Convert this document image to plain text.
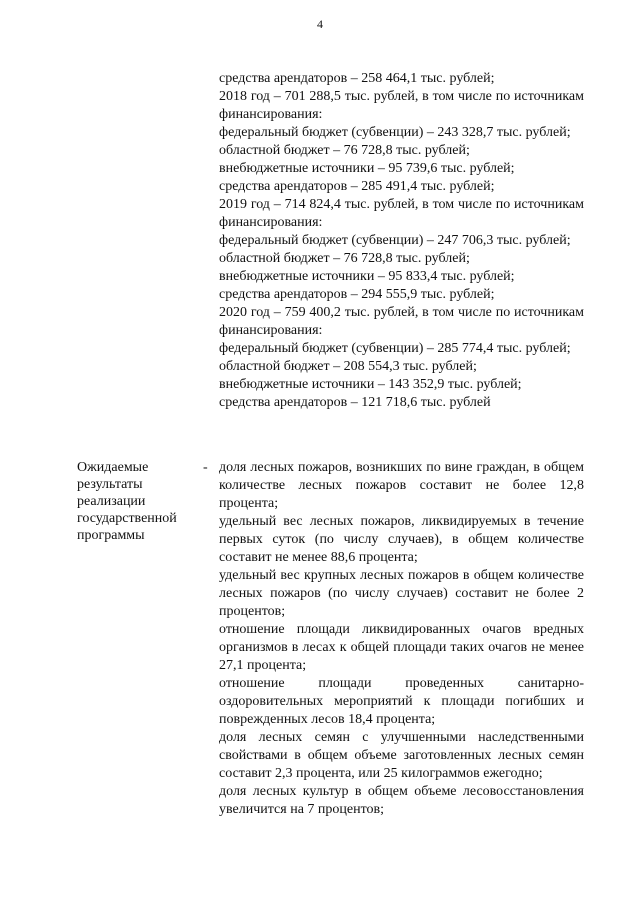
4
средства арендаторов – 258 464,1 тыс. рублей;
2018 год – 701 288,5 тыс. рублей, в том числе по источникам финансирования:
федеральный бюджет (субвенции) – 243 328,7 тыс. рублей;
областной бюджет – 76 728,8 тыс. рублей;
внебюджетные источники – 95 739,6 тыс. рублей;
средства арендаторов – 285 491,4 тыс. рублей;
2019 год – 714 824,4 тыс. рублей, в том числе по источникам финансирования:
федеральный бюджет (субвенции) – 247 706,3 тыс. рублей;
областной бюджет – 76 728,8 тыс. рублей;
внебюджетные источники – 95 833,4 тыс. рублей;
средства арендаторов – 294 555,9 тыс. рублей;
2020 год – 759 400,2 тыс. рублей, в том числе по источникам финансирования:
федеральный бюджет (субвенции) – 285 774,4 тыс. рублей;
областной бюджет – 208 554,3 тыс. рублей;
внебюджетные источники – 143 352,9 тыс. рублей;
средства арендаторов – 121 718,6 тыс. рублей
Ожидаемые результаты реализации государственной программы
- доля лесных пожаров, возникших по вине граждан, в общем количестве лесных пожаров составит не более 12,8 процента;
удельный вес лесных пожаров, ликвидируемых в течение первых суток (по числу случаев), в общем количестве составит не менее 88,6 процента;
удельный вес крупных лесных пожаров в общем количестве лесных пожаров (по числу случаев) составит не более 2 процентов;
отношение площади ликвидированных очагов вредных организмов в лесах к общей площади таких очагов не менее 27,1 процента;
отношение площади проведенных санитарно-оздоровительных мероприятий к площади погибших и поврежденных лесов 18,4 процента;
доля лесных семян с улучшенными наследственными свойствами в общем объеме заготовленных лесных семян составит 2,3 процента, или 25 килограммов ежегодно;
доля лесных культур в общем объеме лесовосстановления увеличится на 7 процентов;
